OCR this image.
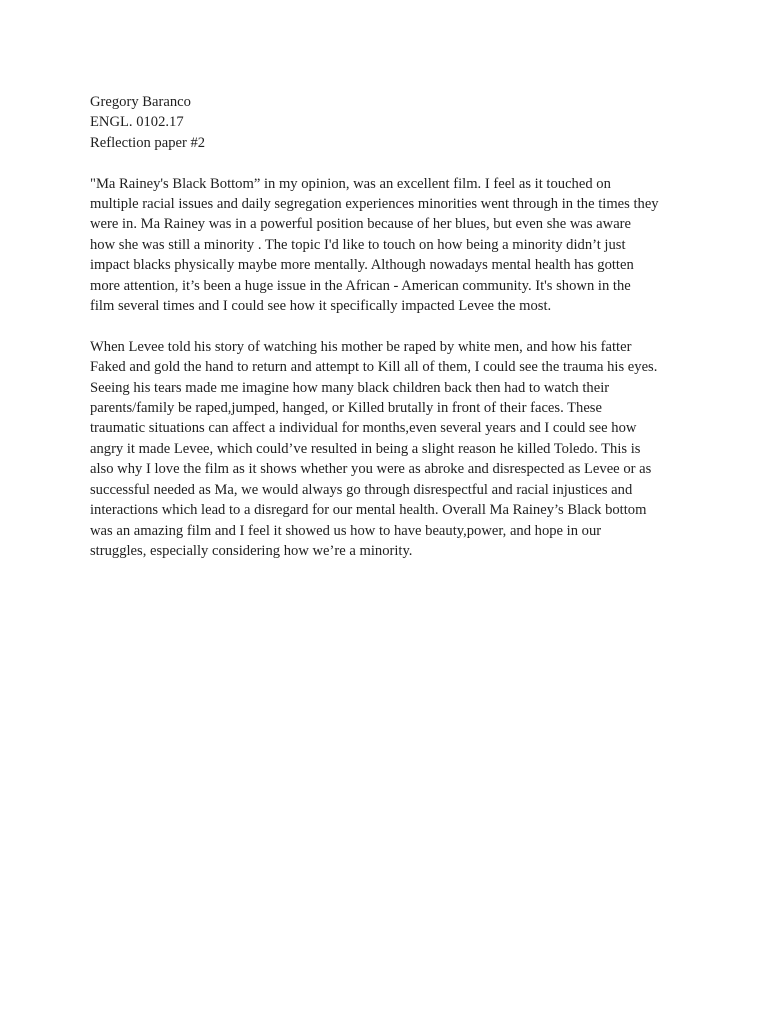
Gregory Baranco
ENGL. 0102.17
Reflection paper #2
"Ma Rainey's Black Bottom” in my opinion, was an excellent film. I feel as it touched on
multiple racial issues and daily segregation experiences minorities went through in the times they
were in. Ma Rainey was in a powerful position because of her blues, but even she was aware
how she was still a minority . The topic I'd like to touch on how being a minority didn’t just
impact blacks physically maybe more mentally. Although nowadays mental health has gotten
more attention, it’s been a huge issue in the African - American community. It's shown in the
film several times and I could see how it specifically impacted Levee the most.
When Levee told his story of watching his mother be raped by white men, and how his fatter
Faked and gold the hand to return and attempt to Kill all of them, I could see the trauma his eyes.
Seeing his tears made me imagine how many black children back then had to watch their
parents/family be raped,jumped, hanged, or Killed brutally in front of their faces. These
traumatic situations can affect a individual for months,even several years and I could see how
angry it made Levee, which could’ve resulted in being a slight reason he killed Toledo. This is
also why I love the film as it shows whether you were as abroke and disrespected as Levee or as
successful needed as Ma, we would always go through disrespectful and racial injustices and
interactions which lead to a disregard for our mental health. Overall Ma Rainey’s Black bottom
was an amazing film and I feel it showed us how to have beauty,power, and hope in our
struggles, especially considering how we’re a minority.
